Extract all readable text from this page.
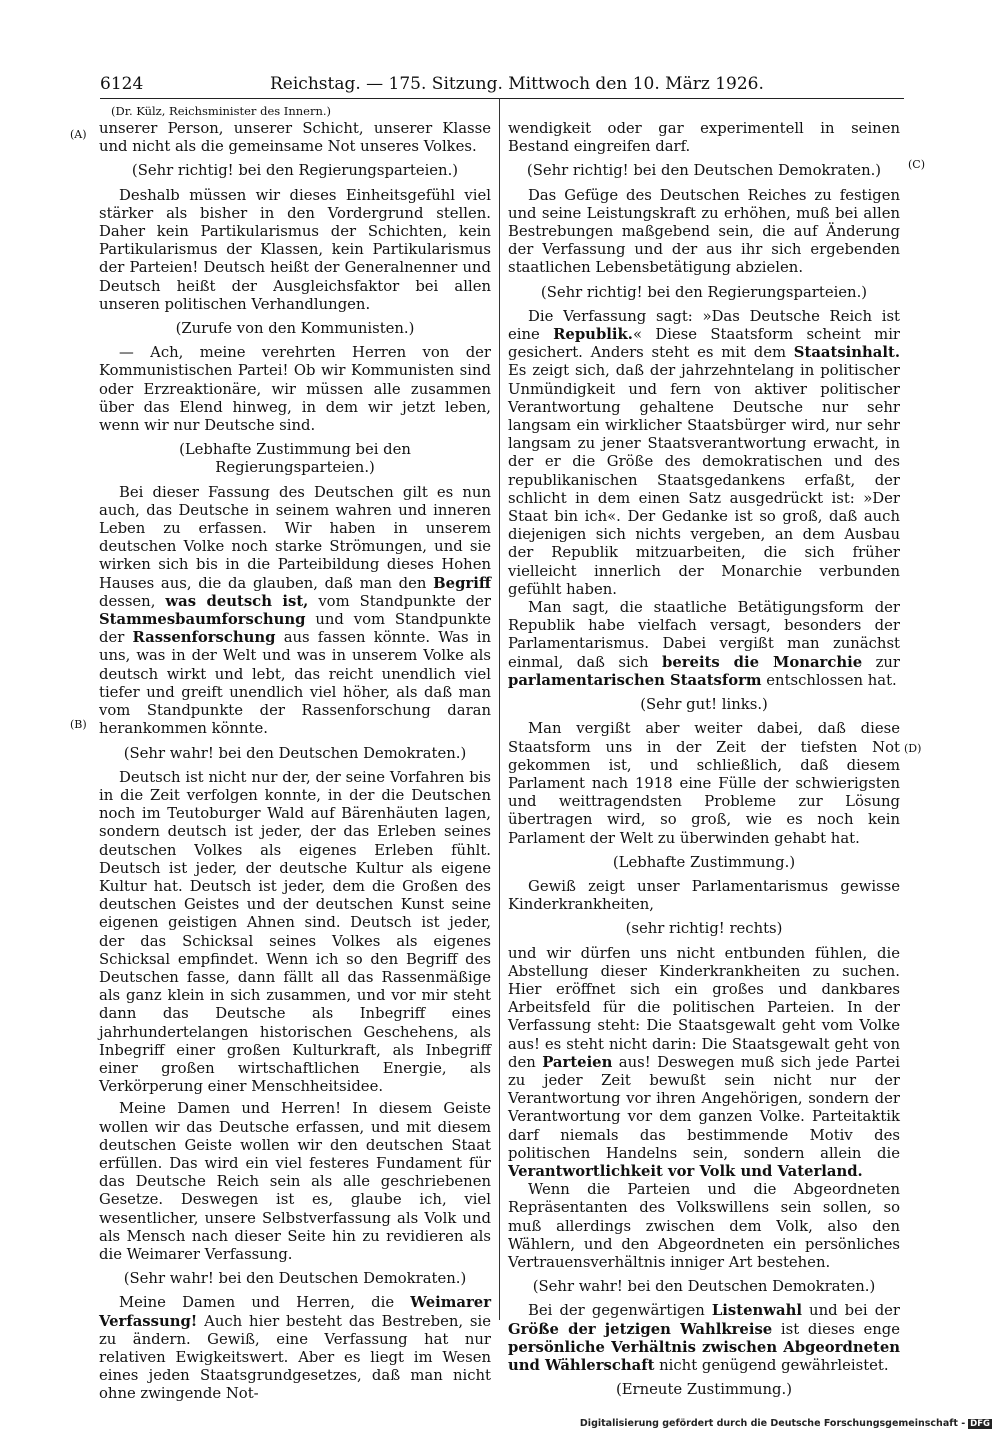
6124	Reichstag. — 175. Sitzung. Mittwoch den 10. März 1926.
(Dr. Külz, Reichsminister des Innern.)
(A)
(B)
(C)
(D)

unserer Person, unserer Schicht, unserer Klasse und nicht als die gemeinsame Not unseres Volkes.

(Sehr richtig! bei den Regierungsparteien.)

Deshalb müssen wir dieses Einheitsgefühl viel stärker als bisher in den Vordergrund stellen. Daher kein Partikularismus der Schichten, kein Partikularismus der Klassen, kein Partikularismus der Parteien! Deutsch heißt der Generalnenner und Deutsch heißt der Ausgleichsfaktor bei allen unseren politischen Verhandlungen.

(Zurufe von den Kommunisten.)

— Ach, meine verehrten Herren von der Kommunistischen Partei! Ob wir Kommunisten sind oder Erzreaktionäre, wir müssen alle zusammen über das Elend hinweg, in dem wir jetzt leben, wenn wir nur Deutsche sind.

(Lebhafte Zustimmung bei den Regierungsparteien.)

Bei dieser Fassung des Deutschen gilt es nun auch, das Deutsche in seinem wahren und inneren Leben zu erfassen. Wir haben in unserem deutschen Volke noch starke Strömungen, und sie wirken sich bis in die Parteibildung dieses Hohen Hauses aus, die da glauben, daß man den Begriff dessen, was deutsch ist, vom Standpunkte der Stammesbaumforschung und vom Standpunkte der Rassenforschung aus fassen könnte. Was in uns, was in der Welt und was in unserem Volke als deutsch wirkt und lebt, das reicht unendlich viel tiefer und greift unendlich viel höher, als daß man vom Standpunkte der Rassenforschung daran herankommen könnte.

(Sehr wahr! bei den Deutschen Demokraten.)

Deutsch ist nicht nur der, der seine Vorfahren bis in die Zeit verfolgen konnte, in der die Deutschen noch im Teutoburger Wald auf Bärenhäuten lagen, sondern deutsch ist jeder, der das Erleben seines deutschen Volkes als eigenes Erleben fühlt. Deutsch ist jeder, der deutsche Kultur als eigene Kultur hat. Deutsch ist jeder, dem die Großen des deutschen Geistes und der deutschen Kunst seine eigenen geistigen Ahnen sind. Deutsch ist jeder, der das Schicksal seines Volkes als eigenes Schicksal empfindet. Wenn ich so den Begriff des Deutschen fasse, dann fällt all das Rassenmäßige als ganz klein in sich zusammen, und vor mir steht dann das Deutsche als Inbegriff eines jahrhundertelangen historischen Geschehens, als Inbegriff einer großen Kulturkraft, als Inbegriff einer großen wirtschaftlichen Energie, als Verkörperung einer Menschheitsidee.

Meine Damen und Herren! In diesem Geiste wollen wir das Deutsche erfassen, und mit diesem deutschen Geiste wollen wir den deutschen Staat erfüllen. Das wird ein viel festeres Fundament für das Deutsche Reich sein als alle geschriebenen Gesetze. Deswegen ist es, glaube ich, viel wesentlicher, unsere Selbstverfassung als Volk und als Mensch nach dieser Seite hin zu revidieren als die Weimarer Verfassung.

(Sehr wahr! bei den Deutschen Demokraten.)

Meine Damen und Herren, die Weimarer Verfassung! Auch hier besteht das Bestreben, sie zu ändern. Gewiß, eine Verfassung hat nur relativen Ewigkeitswert. Aber es liegt im Wesen eines jeden Staatsgrundgesetzes, daß man nicht ohne zwingende Not-

wendigkeit oder gar experimentell in seinen Bestand eingreifen darf.

(Sehr richtig! bei den Deutschen Demokraten.)

Das Gefüge des Deutschen Reiches zu festigen und seine Leistungskraft zu erhöhen, muß bei allen Bestrebungen maßgebend sein, die auf Änderung der Verfassung und der aus ihr sich ergebenden staatlichen Lebensbetätigung abzielen.

(Sehr richtig! bei den Regierungsparteien.)

Die Verfassung sagt: »Das Deutsche Reich ist eine Republik.« Diese Staatsform scheint mir gesichert. Anders steht es mit dem Staatsinhalt. Es zeigt sich, daß der jahrzehntelang in politischer Unmündigkeit und fern von aktiver politischer Verantwortung gehaltene Deutsche nur sehr langsam ein wirklicher Staatsbürger wird, nur sehr langsam zu jener Staatsverantwortung erwacht, in der er die Größe des demokratischen und des republikanischen Staatsgedankens erfaßt, der schlicht in dem einen Satz ausgedrückt ist: »Der Staat bin ich«. Der Gedanke ist so groß, daß auch diejenigen sich nichts vergeben, an dem Ausbau der Republik mitzuarbeiten, die sich früher vielleicht innerlich der Monarchie verbunden gefühlt haben.

Man sagt, die staatliche Betätigungsform der Republik habe vielfach versagt, besonders der Parlamentarismus. Dabei vergißt man zunächst einmal, daß sich bereits die Monarchie zur parlamentarischen Staatsform entschlossen hat.

(Sehr gut! links.)

Man vergißt aber weiter dabei, daß diese Staatsform uns in der Zeit der tiefsten Not gekommen ist, und schließlich, daß diesem Parlament nach 1918 eine Fülle der schwierigsten und weittragendsten Probleme zur Lösung übertragen wird, so groß, wie es noch kein Parlament der Welt zu überwinden gehabt hat.

(Lebhafte Zustimmung.)

Gewiß zeigt unser Parlamentarismus gewisse Kinderkrankheiten,

(sehr richtig! rechts)

und wir dürfen uns nicht entbunden fühlen, die Abstellung dieser Kinderkrankheiten zu suchen. Hier eröffnet sich ein großes und dankbares Arbeitsfeld für die politischen Parteien. In der Verfassung steht: Die Staatsgewalt geht vom Volke aus! es steht nicht darin: Die Staatsgewalt geht von den Parteien aus! Deswegen muß sich jede Partei zu jeder Zeit bewußt sein nicht nur der Verantwortung vor ihren Angehörigen, sondern der Verantwortung vor dem ganzen Volke. Parteitaktik darf niemals das bestimmende Motiv des politischen Handelns sein, sondern allein die Verantwortlichkeit vor Volk und Vaterland.

Wenn die Parteien und die Abgeordneten Repräsentanten des Volkswillens sein sollen, so muß allerdings zwischen dem Volk, also den Wählern, und den Abgeordneten ein persönliches Vertrauensverhältnis inniger Art bestehen.

(Sehr wahr! bei den Deutschen Demokraten.)

Bei der gegenwärtigen Listenwahl und bei der Größe der jetzigen Wahlkreise ist dieses enge persönliche Verhältnis zwischen Abgeordneten und Wählerschaft nicht genügend gewährleistet.

(Erneute Zustimmung.)

Digitalisierung gefördert durch die Deutsche Forschungsgemeinschaft - DFG
